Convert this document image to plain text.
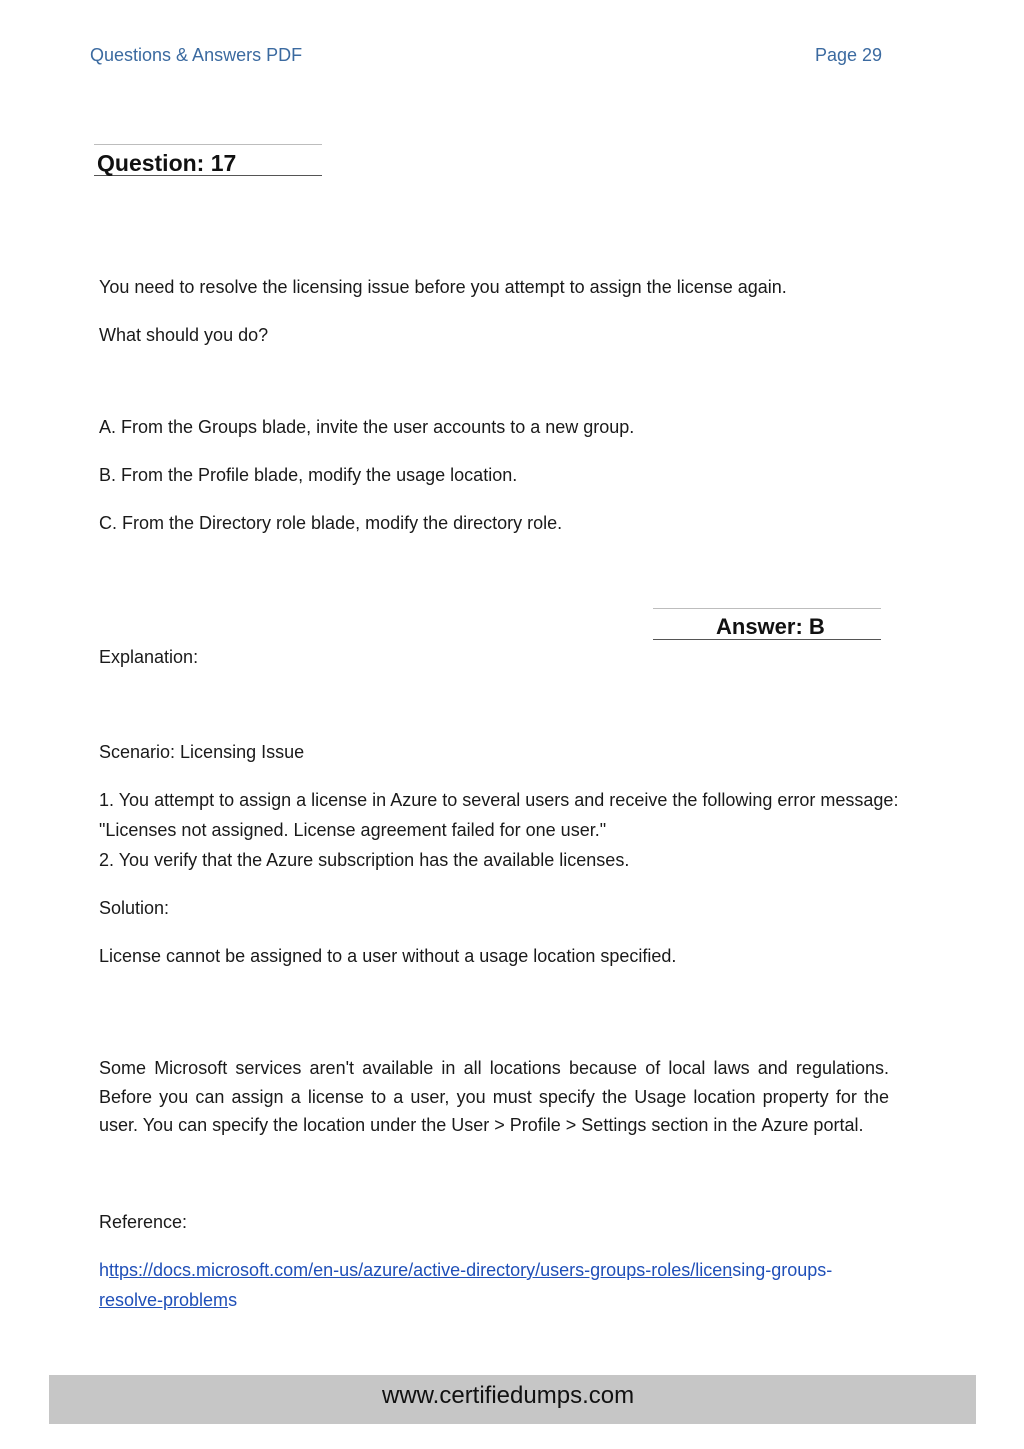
Questions & Answers PDF	Page 29
Question: 17
You need to resolve the licensing issue before you attempt to assign the license again.
What should you do?
A. From the Groups blade, invite the user accounts to a new group.
B. From the Profile blade, modify the usage location.
C. From the Directory role blade, modify the directory role.
Answer: B
Explanation:
Scenario: Licensing Issue
1. You attempt to assign a license in Azure to several users and receive the following error message:
"Licenses not assigned. License agreement failed for one user."
2. You verify that the Azure subscription has the available licenses.
Solution:
License cannot be assigned to a user without a usage location specified.
Some Microsoft services aren't available in all locations because of local laws and regulations. Before you can assign a license to a user, you must specify the Usage location property for the user. You can specify the location under the User > Profile > Settings section in the Azure portal.
Reference:
https://docs.microsoft.com/en-us/azure/active-directory/users-groups-roles/licensing-groups-
resolve-problems
www.certifiedumps.com
